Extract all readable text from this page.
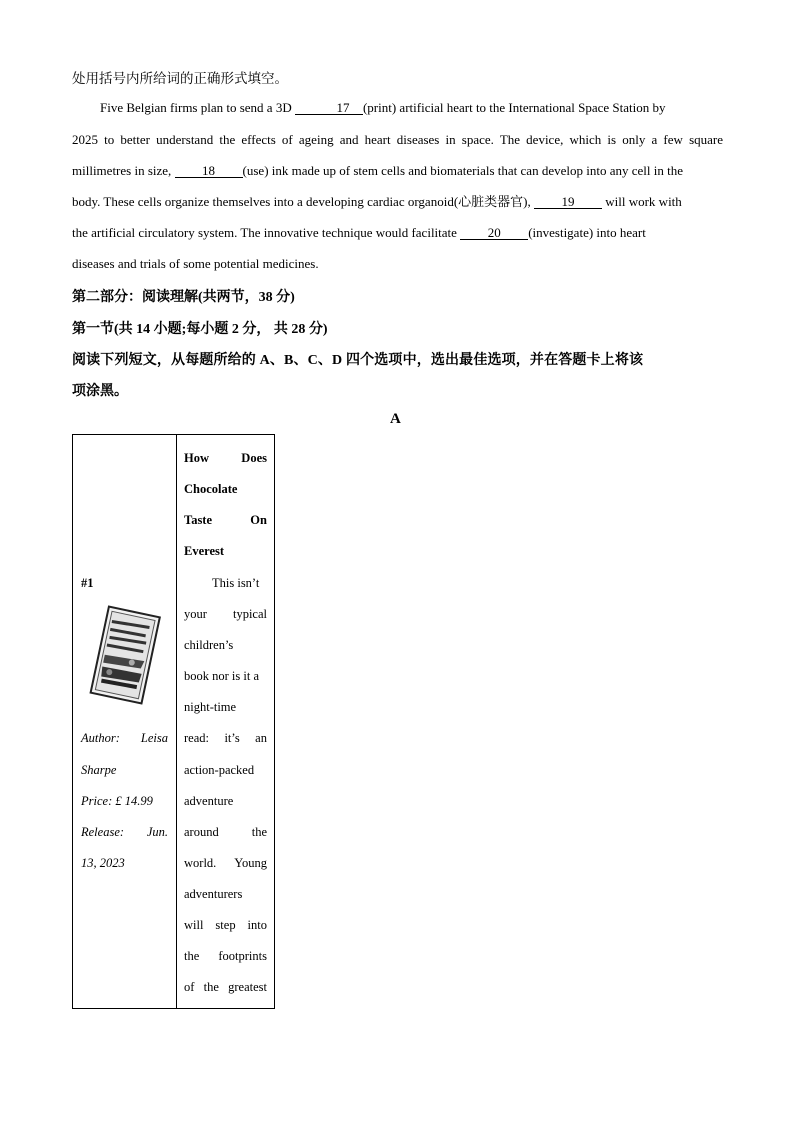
处用括号内所给词的正确形式填空。
Five Belgian firms plan to send a 3D	17 (print) artificial heart to the International Space Station by
2025 to better understand the effects of ageing and heart diseases in space. The device, which is only a few square
millimetres in size, 18 (use) ink made up of stem cells and biomaterials that can develop into any cell in the
body. These cells organize themselves into a developing cardiac organoid(心脏类器官), 19 will work with
the artificial circulatory system. The innovative technique would facilitate 20 (investigate) into heart
diseases and trials of some potential medicines.
第二部分：阅读理解(共两节，38 分)
第一节(共 14 小题;每小题 2 分， 共 28 分)
阅读下列短文，从每题所给的 A、B、C、D 四个选项中，选出最佳选项，并在答题卡上将该
项涂黑。
A
#1
Author: Leisa
Sharpe
Price: £ 14.99
Release: Jun.
13, 2023
How Does
Chocolate
Taste On
Everest
This isn’t
your typical
children’s
book nor is it a
night-time
read: it’s an
action-packed
adventure
around the
world. Young
adventurers
will step into
the footprints
of the greatest
